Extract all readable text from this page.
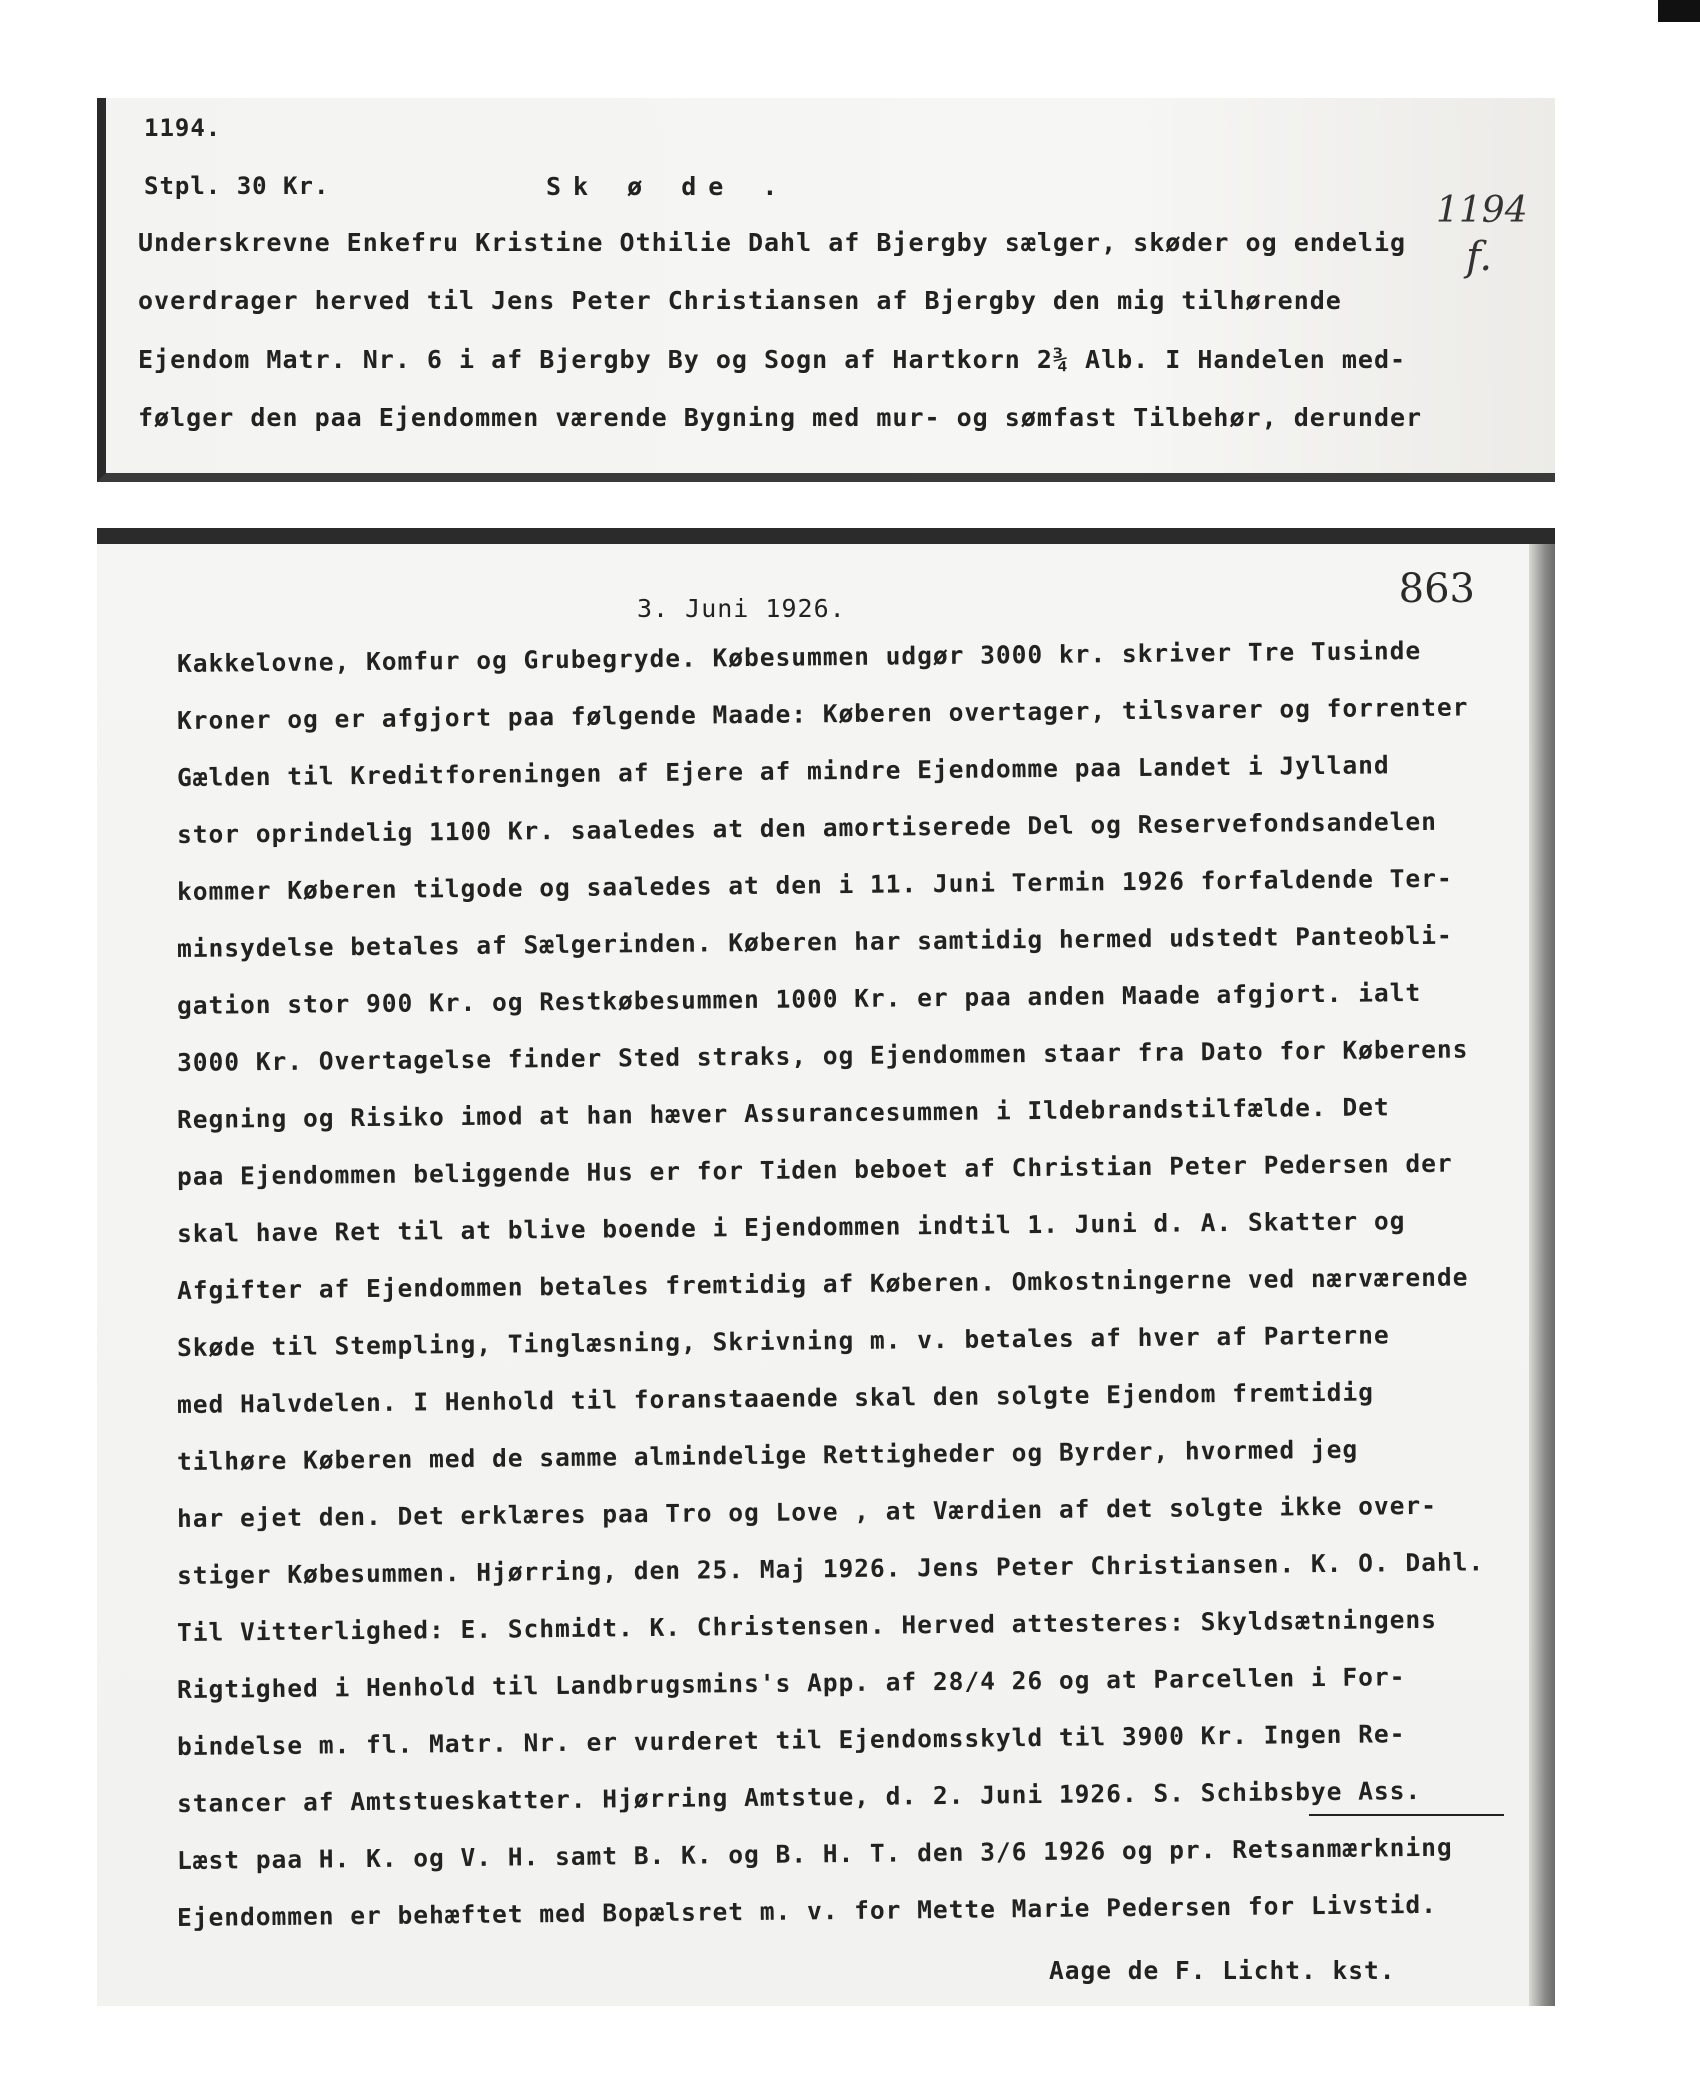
1194.
Stpl. 30 Kr.	Sk ø de .
Underskrevne Enkefru Kristine Othilie Dahl af Bjergby sælger, skøder og endelig
overdrager herved til Jens Peter Christiansen af Bjergby den mig tilhørende
Ejendom Matr. Nr. 6 i af Bjergby By og Sogn af Hartkorn 2¾ Alb. I Handelen med-
følger den paa Ejendommen værende Bygning med mur- og sømfast Tilbehør, derunder
1194
f.
3. Juni 1926.	863
Kakkelovne, Komfur og Grubegryde. Købesummen udgør 3000 kr. skriver Tre Tusinde
Kroner og er afgjort paa følgende Maade: Køberen overtager, tilsvarer og forrenter
Gælden til Kreditforeningen af Ejere af mindre Ejendomme paa Landet i Jylland
stor oprindelig 1100 Kr. saaledes at den amortiserede Del og Reservefondsandelen
kommer Køberen tilgode og saaledes at den i 11. Juni Termin 1926 forfaldende Ter-
minsydelse betales af Sælgerinden. Køberen har samtidig hermed udstedt Panteobli-
gation stor 900 Kr. og Restkøbesummen 1000 Kr. er paa anden Maade afgjort. ialt
3000 Kr. Overtagelse finder Sted straks, og Ejendommen staar fra Dato for Køberens
Regning og Risiko imod at han hæver Assurancesummen i Ildebrandstilfælde. Det
paa Ejendommen beliggende Hus er for Tiden beboet af Christian Peter Pedersen der
skal have Ret til at blive boende i Ejendommen indtil 1. Juni d. A. Skatter og
Afgifter af Ejendommen betales fremtidig af Køberen. Omkostningerne ved nærværende
Skøde til Stempling, Tinglæsning, Skrivning m. v. betales af hver af Parterne
med Halvdelen. I Henhold til foranstaaende skal den solgte Ejendom fremtidig
tilhøre Køberen med de samme almindelige Rettigheder og Byrder, hvormed jeg
har ejet den. Det erklæres paa Tro og Love , at Værdien af det solgte ikke over-
stiger Købesummen. Hjørring, den 25. Maj 1926. Jens Peter Christiansen. K. O. Dahl.
Til Vitterlighed: E. Schmidt. K. Christensen. Herved attesteres: Skyldsætningens
Rigtighed i Henhold til Landbrugsmins's App. af 28/4 26 og at Parcellen i For-
bindelse m. fl. Matr. Nr. er vurderet til Ejendomsskyld til 3900 Kr. Ingen Re-
stancer af Amtstueskatter. Hjørring Amtstue, d. 2. Juni 1926. S. Schibsbye Ass.
Læst paa H. K. og V. H. samt B. K. og B. H. T. den 3/6 1926 og pr. Retsanmærkning
Ejendommen er behæftet med Bopælsret m. v. for Mette Marie Pedersen for Livstid.
Aage de F. Licht. kst.
